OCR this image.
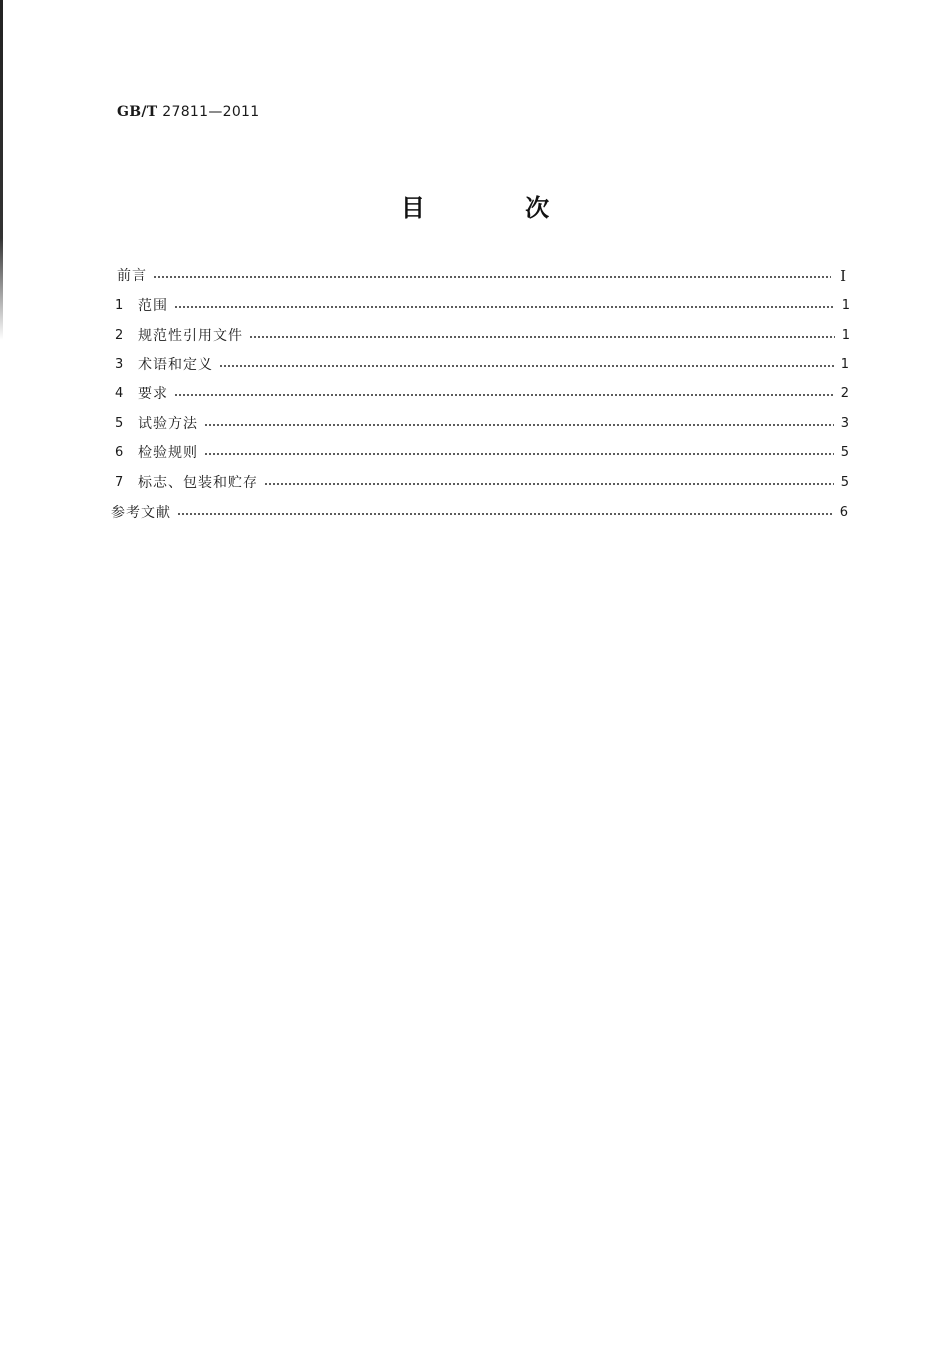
GB/T 27811—2011
目 次
前言	Ⅰ
1	范围	1
2	规范性引用文件	1
3	术语和定义	1
4	要求	2
5	试验方法	3
6	检验规则	5
7	标志、包装和贮存	5
参考文献	6
